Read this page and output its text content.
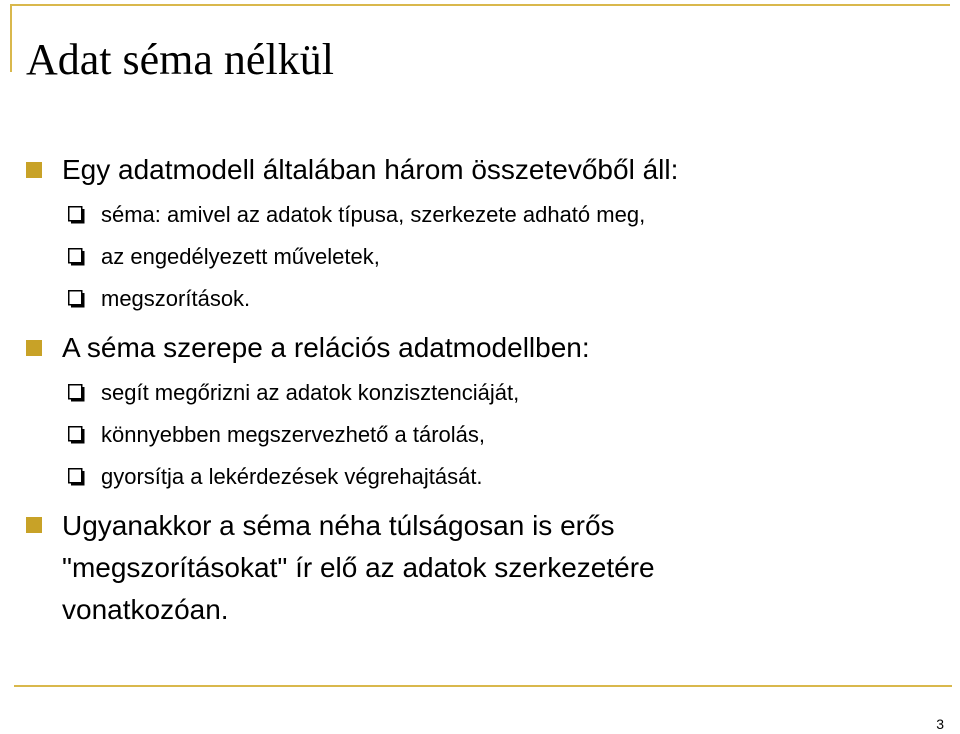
Adat séma nélkül
Egy adatmodell általában három összetevőből áll:
séma: amivel az adatok típusa, szerkezete adható meg,
az engedélyezett műveletek,
megszorítások.
A séma szerepe a relációs adatmodellben:
segít megőrizni az adatok konzisztenciáját,
könnyebben megszervezhető a tárolás,
gyorsítja a lekérdezések végrehajtását.
Ugyanakkor a séma néha túlságosan is erős
"megszorításokat" ír elő az adatok szerkezetére
vonatkozóan.
3
